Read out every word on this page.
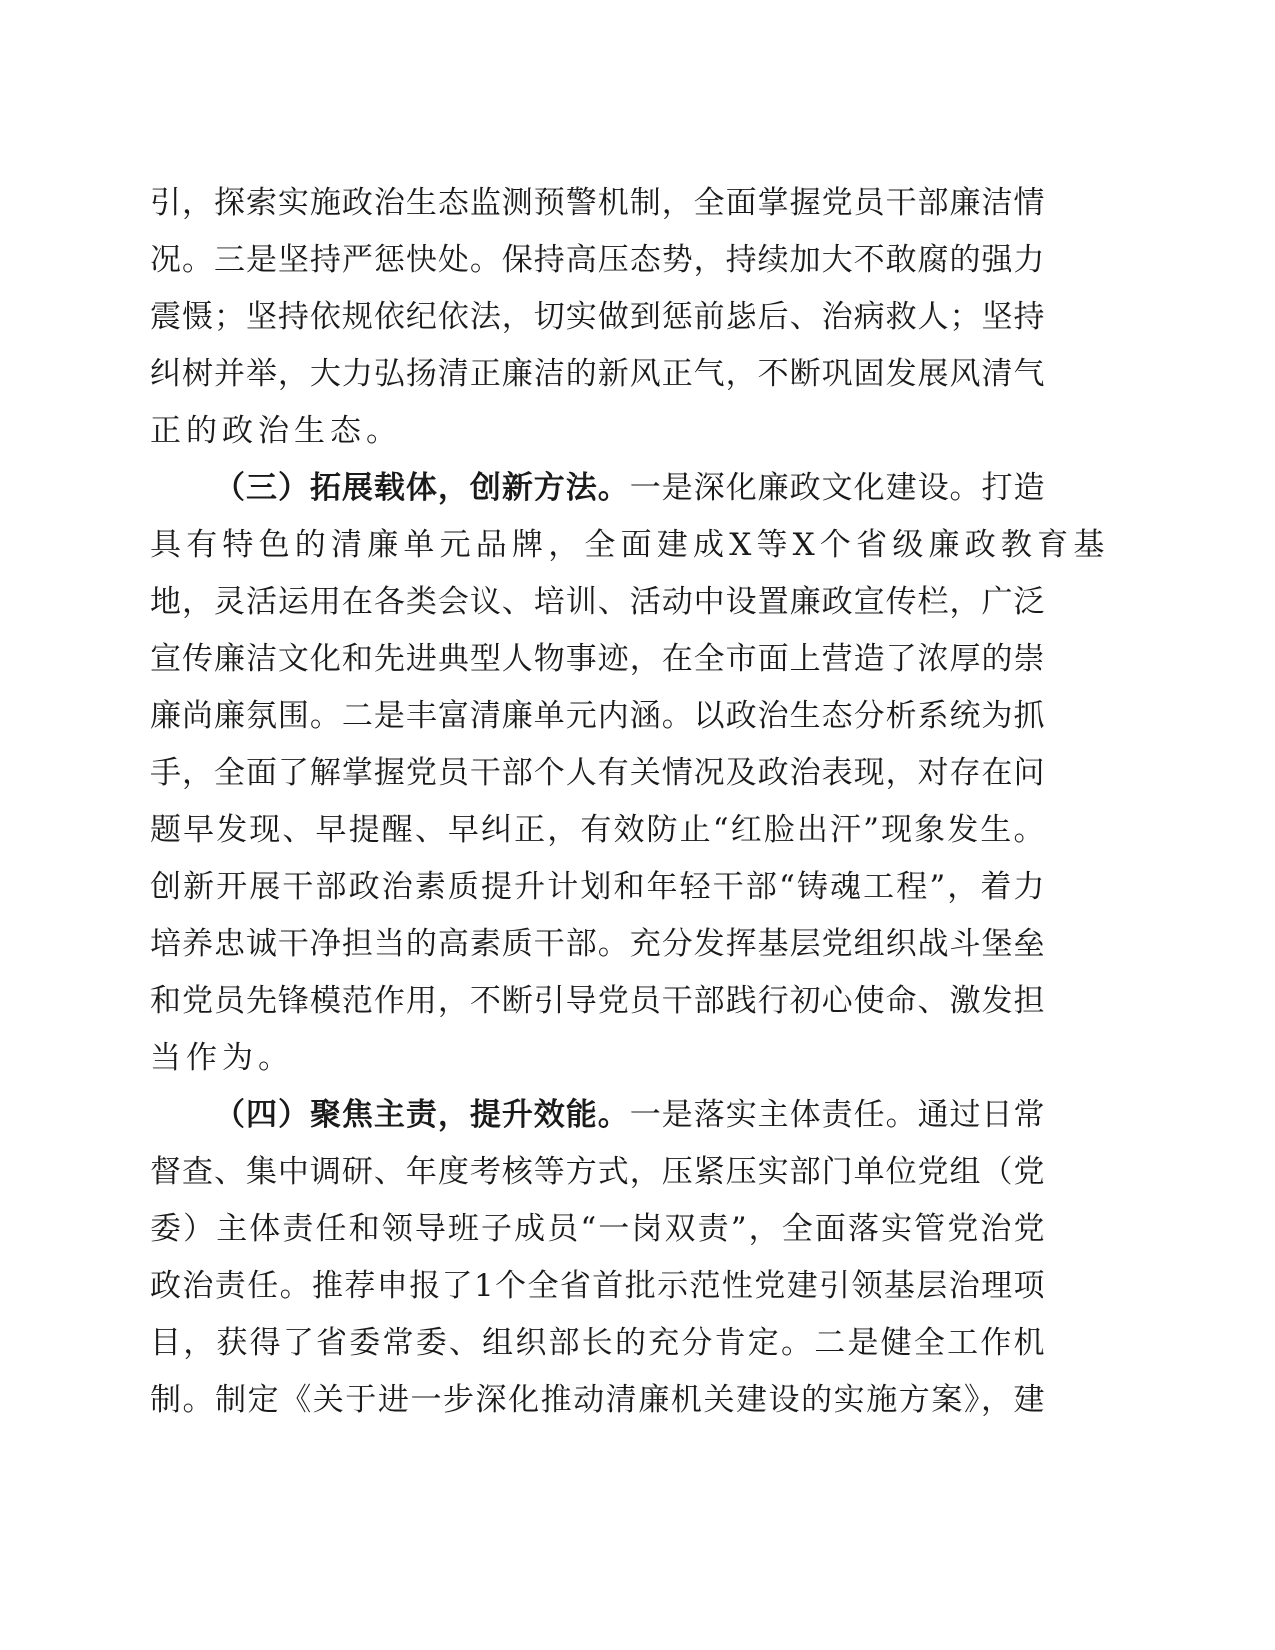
引，探索实施政治生态监测预警机制，全面掌握党员干部廉洁情
况。三是坚持严惩快处。保持高压态势，持续加大不敢腐的强力
震慑；坚持依规依纪依法，切实做到惩前毖后、治病救人；坚持
纠树并举，大力弘扬清正廉洁的新风正气，不断巩固发展风清气
正的政治生态。
（三）拓展载体，创新方法。一是深化廉政文化建设。打造
具有特色的清廉单元品牌，全面建成X等X个省级廉政教育基
地，灵活运用在各类会议、培训、活动中设置廉政宣传栏，广泛
宣传廉洁文化和先进典型人物事迹，在全市面上营造了浓厚的崇
廉尚廉氛围。二是丰富清廉单元内涵。以政治生态分析系统为抓
手，全面了解掌握党员干部个人有关情况及政治表现，对存在问
题早发现、早提醒、早纠正，有效防止“红脸出汗”现象发生。
创新开展干部政治素质提升计划和年轻干部“铸魂工程”，着力
培养忠诚干净担当的高素质干部。充分发挥基层党组织战斗堡垒
和党员先锋模范作用，不断引导党员干部践行初心使命、激发担
当作为。
（四）聚焦主责，提升效能。一是落实主体责任。通过日常
督查、集中调研、年度考核等方式，压紧压实部门单位党组（党
委）主体责任和领导班子成员“一岗双责”，全面落实管党治党
政治责任。推荐申报了1个全省首批示范性党建引领基层治理项
目，获得了省委常委、组织部长的充分肯定。二是健全工作机
制。制定《关于进一步深化推动清廉机关建设的实施方案》，建
